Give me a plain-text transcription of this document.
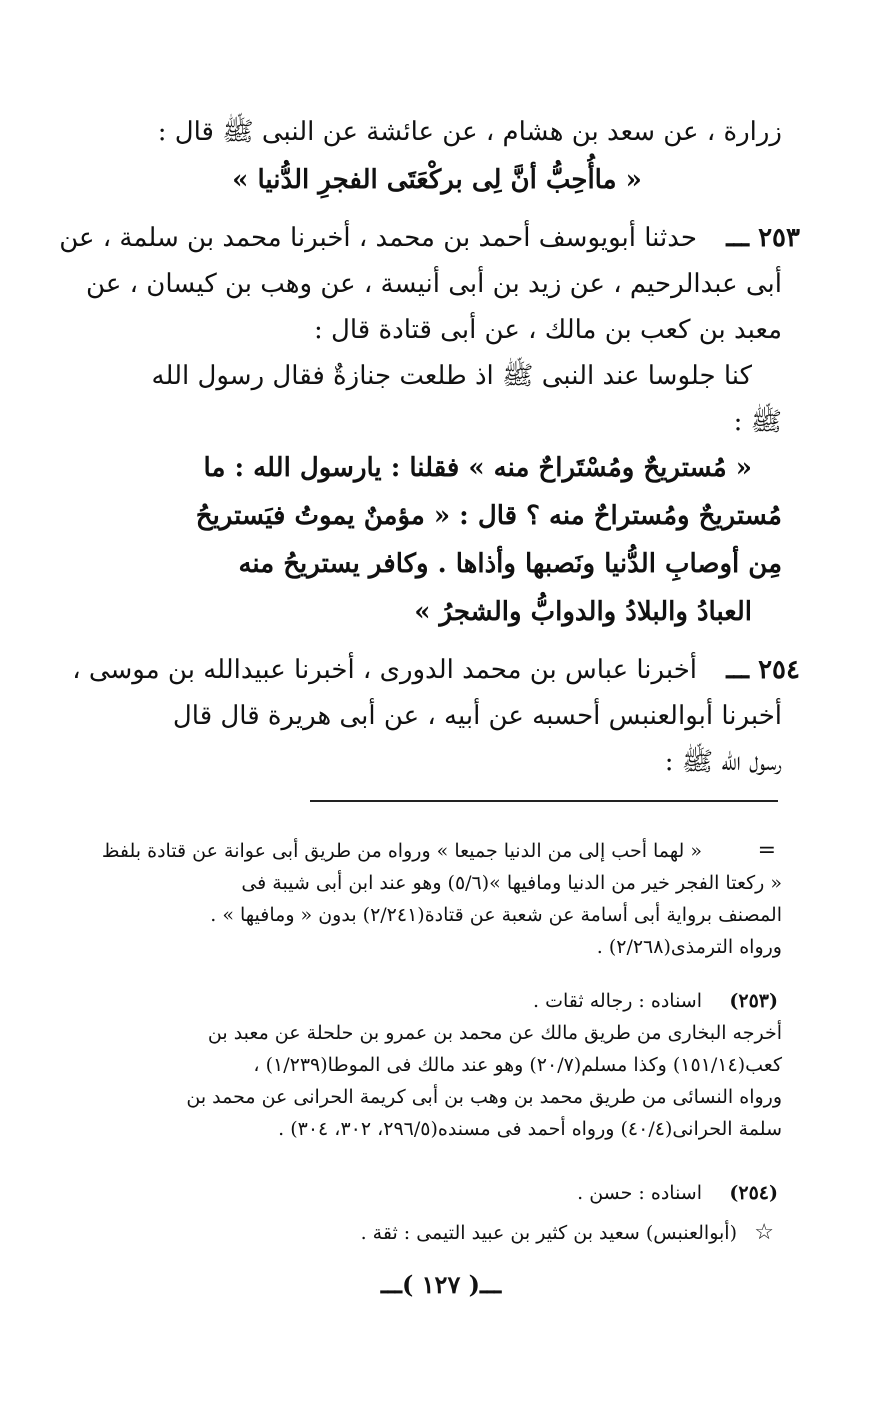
زرارة ، عن سعد بن هشام ، عن عائشة عن النبى ﷺ قال :
« ماأُحِبُّ أنَّ لِى بركْعَتَى الفجرِ الدُّنيا »
٢٥٣ ـــ
حدثنا أبويوسف أحمد بن محمد ، أخبرنا محمد بن سلمة ، عن
أبى عبدالرحيم ، عن زيد بن أبى أنيسة ، عن وهب بن كيسان ، عن
معبد بن كعب بن مالك ، عن أبى قتادة قال :
كنا جلوسا عند النبى ﷺ اذ طلعت جنازةٌ فقال رسول الله
ﷺ :
« مُستريحٌ ومُسْتَراحٌ منه » فقلنا : يارسول الله : ما
مُستريحٌ ومُستراحٌ منه ؟ قال : « مؤمنٌ يموتُ فيَستريحُ
مِن أوصابِ الدُّنيا ونَصبها وأذاها . وكافر يستريحُ منه
العبادُ والبلادُ والدوابُّ والشجرُ »
٢٥٤ ـــ
أخبرنا عباس بن محمد الدورى ، أخبرنا عبيدالله بن موسى ،
أخبرنا أبوالعنبس أحسبه عن أبيه ، عن أبى هريرة قال قال
رسول الله ﷺ :
=
« لهما أحب إلى من الدنيا جميعا » ورواه من طريق أبى عوانة عن قتادة بلفظ
« ركعتا الفجر خير من الدنيا ومافيها »(٥/٦) وهو عند ابن أبى شيبة فى
المصنف برواية أبى أسامة عن شعبة عن قتادة(٢/٢٤١) بدون « ومافيها » .
ورواه الترمذى(٢/٢٦٨) .
(٢٥٣)
اسناده : رجاله ثقات .
أخرجه البخارى من طريق مالك عن محمد بن عمرو بن حلحلة عن معبد بن
كعب(١٥١/١٤) وكذا مسلم(٢٠/٧) وهو عند مالك فى الموطا(١/٢٣٩) ،
ورواه النسائى من طريق محمد بن وهب بن أبى كريمة الحرانى عن محمد بن
سلمة الحرانى(٤٠/٤) ورواه أحمد فى مسنده(٢٩٦/٥، ٣٠٢، ٣٠٤) .
(٢٥٤)
اسناده : حسن .
☆
(أبوالعنبس) سعيد بن كثير بن عبيد التيمى : ثقة .
ـــ( ١٢٧ )ـــ
